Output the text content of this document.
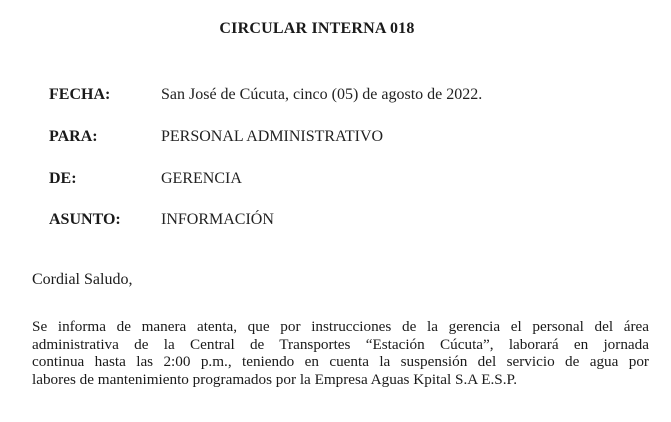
CIRCULAR INTERNA 018
FECHA:	San José de Cúcuta, cinco (05) de agosto de 2022.
PARA:	PERSONAL ADMINISTRATIVO
DE:	GERENCIA
ASUNTO:	INFORMACIÓN
Cordial Saludo,
Se informa de manera atenta, que por instrucciones de la gerencia el personal del área
administrativa de la Central de Transportes “Estación Cúcuta”, laborará en jornada
continua hasta las 2:00 p.m., teniendo en cuenta la suspensión del servicio de agua por
labores de mantenimiento programados por la Empresa Aguas Kpital S.A E.S.P.
